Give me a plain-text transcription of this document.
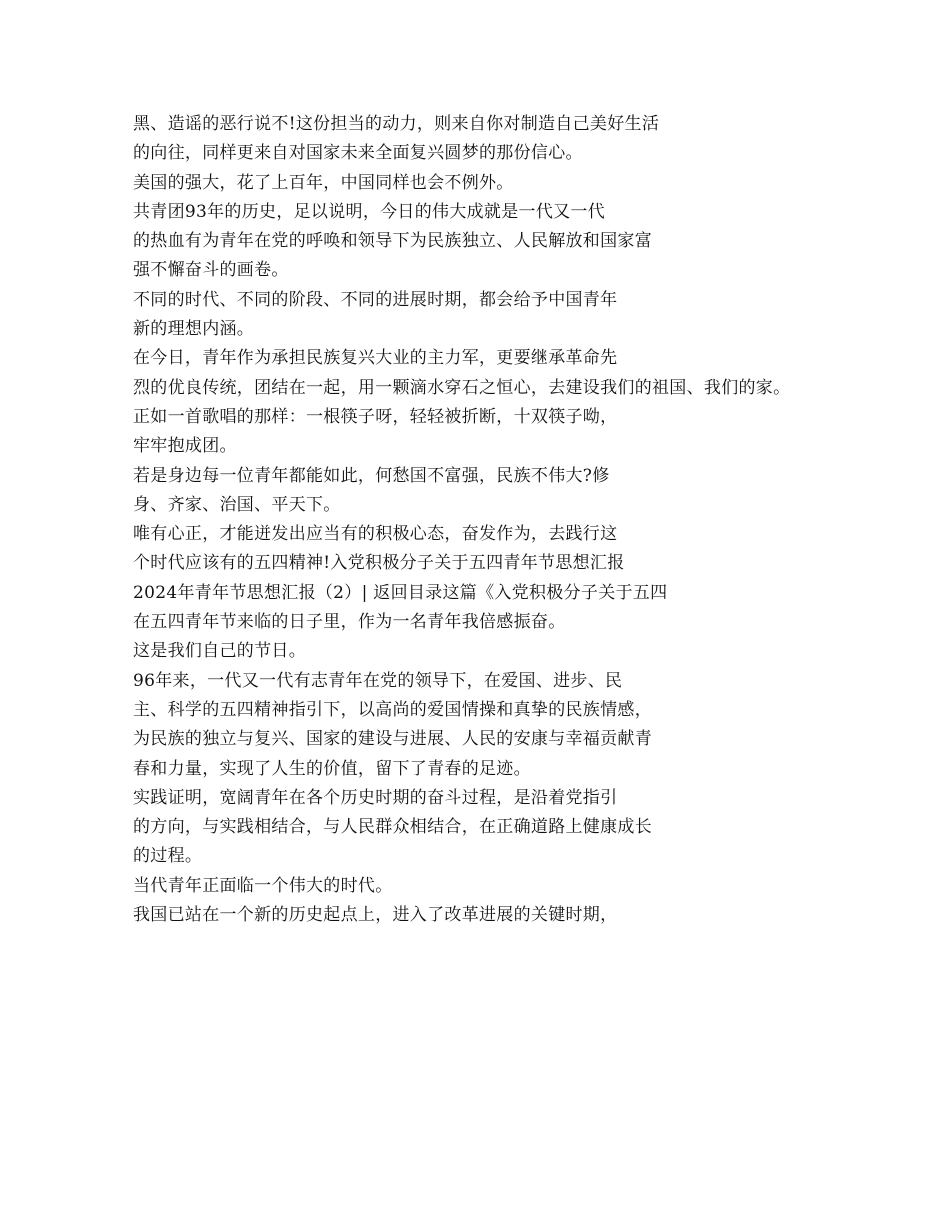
黑、造谣的恶行说不!这份担当的动力，则来自你对制造自己美好生活
的向往，同样更来自对国家未来全面复兴圆梦的那份信心。
美国的强大，花了上百年，中国同样也会不例外。
共青团93年的历史，足以说明，今日的伟大成就是一代又一代
的热血有为青年在党的呼唤和领导下为民族独立、人民解放和国家富
强不懈奋斗的画卷。
不同的时代、不同的阶段、不同的进展时期，都会给予中国青年
新的理想内涵。
在今日，青年作为承担民族复兴大业的主力军，更要继承革命先
烈的优良传统，团结在一起，用一颗滴水穿石之恒心，去建设我们的祖国、我们的家。
正如一首歌唱的那样：一根筷子呀，轻轻被折断，十双筷子呦，
牢牢抱成团。
若是身边每一位青年都能如此，何愁国不富强，民族不伟大?修
身、齐家、治国、平天下。
唯有心正，才能迸发出应当有的积极心态，奋发作为，去践行这
个时代应该有的五四精神!入党积极分子关于五四青年节思想汇报
2024年青年节思想汇报（2）| 返回目录这篇《入党积极分子关于五四
在五四青年节来临的日子里，作为一名青年我倍感振奋。
这是我们自己的节日。
96年来，一代又一代有志青年在党的领导下，在爱国、进步、民
主、科学的五四精神指引下，以高尚的爱国情操和真挚的民族情感，
为民族的独立与复兴、国家的建设与进展、人民的安康与幸福贡献青
春和力量，实现了人生的价值，留下了青春的足迹。
实践证明，宽阔青年在各个历史时期的奋斗过程，是沿着党指引
的方向，与实践相结合，与人民群众相结合，在正确道路上健康成长
的过程。
当代青年正面临一个伟大的时代。
我国已站在一个新的历史起点上，进入了改革进展的关键时期，
